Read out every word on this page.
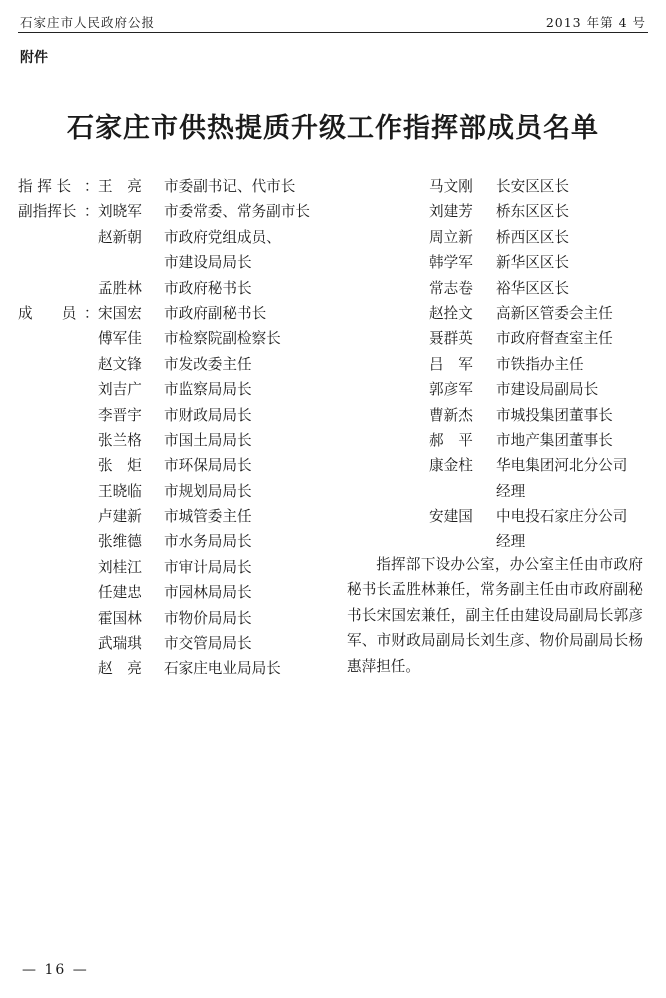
石家庄市人民政府公报	2013 年第 4 号
附件
石家庄市供热提质升级工作指挥部成员名单
指 挥 长 ： 王　亮	市委副书记、代市长
副指挥长 ： 刘晓军	市委常委、常务副市长
赵新朝	市政府党组成员、
市建设局局长
孟胜林	市政府秘书长
成　　员 ： 宋国宏	市政府副秘书长
傅军佳	市检察院副检察长
赵文锋	市发改委主任
刘吉广	市监察局局长
李晋宇	市财政局局长
张兰格	市国土局局长
张　炬	市环保局局长
王晓临	市规划局局长
卢建新	市城管委主任
张维德	市水务局局长
刘桂江	市审计局局长
任建忠	市园林局局长
霍国林	市物价局局长
武瑞琪	市交管局局长
赵　亮	石家庄电业局局长
马文刚	长安区区长
刘建芳	桥东区区长
周立新	桥西区区长
韩学军	新华区区长
常志卷	裕华区区长
赵拴文	高新区管委会主任
聂群英	市政府督查室主任
吕　军	市铁指办主任
郭彦军	市建设局副局长
曹新杰	市城投集团董事长
郝　平	市地产集团董事长
康金柱	华电集团河北分公司
经理
安建国	中电投石家庄分公司
经理
指挥部下设办公室，办公室主任由市政府秘书长孟胜林兼任，常务副主任由市政府副秘书长宋国宏兼任，副主任由建设局副局长郭彦军、市财政局副局长刘生彦、物价局副局长杨惠萍担任。
— 16 —
